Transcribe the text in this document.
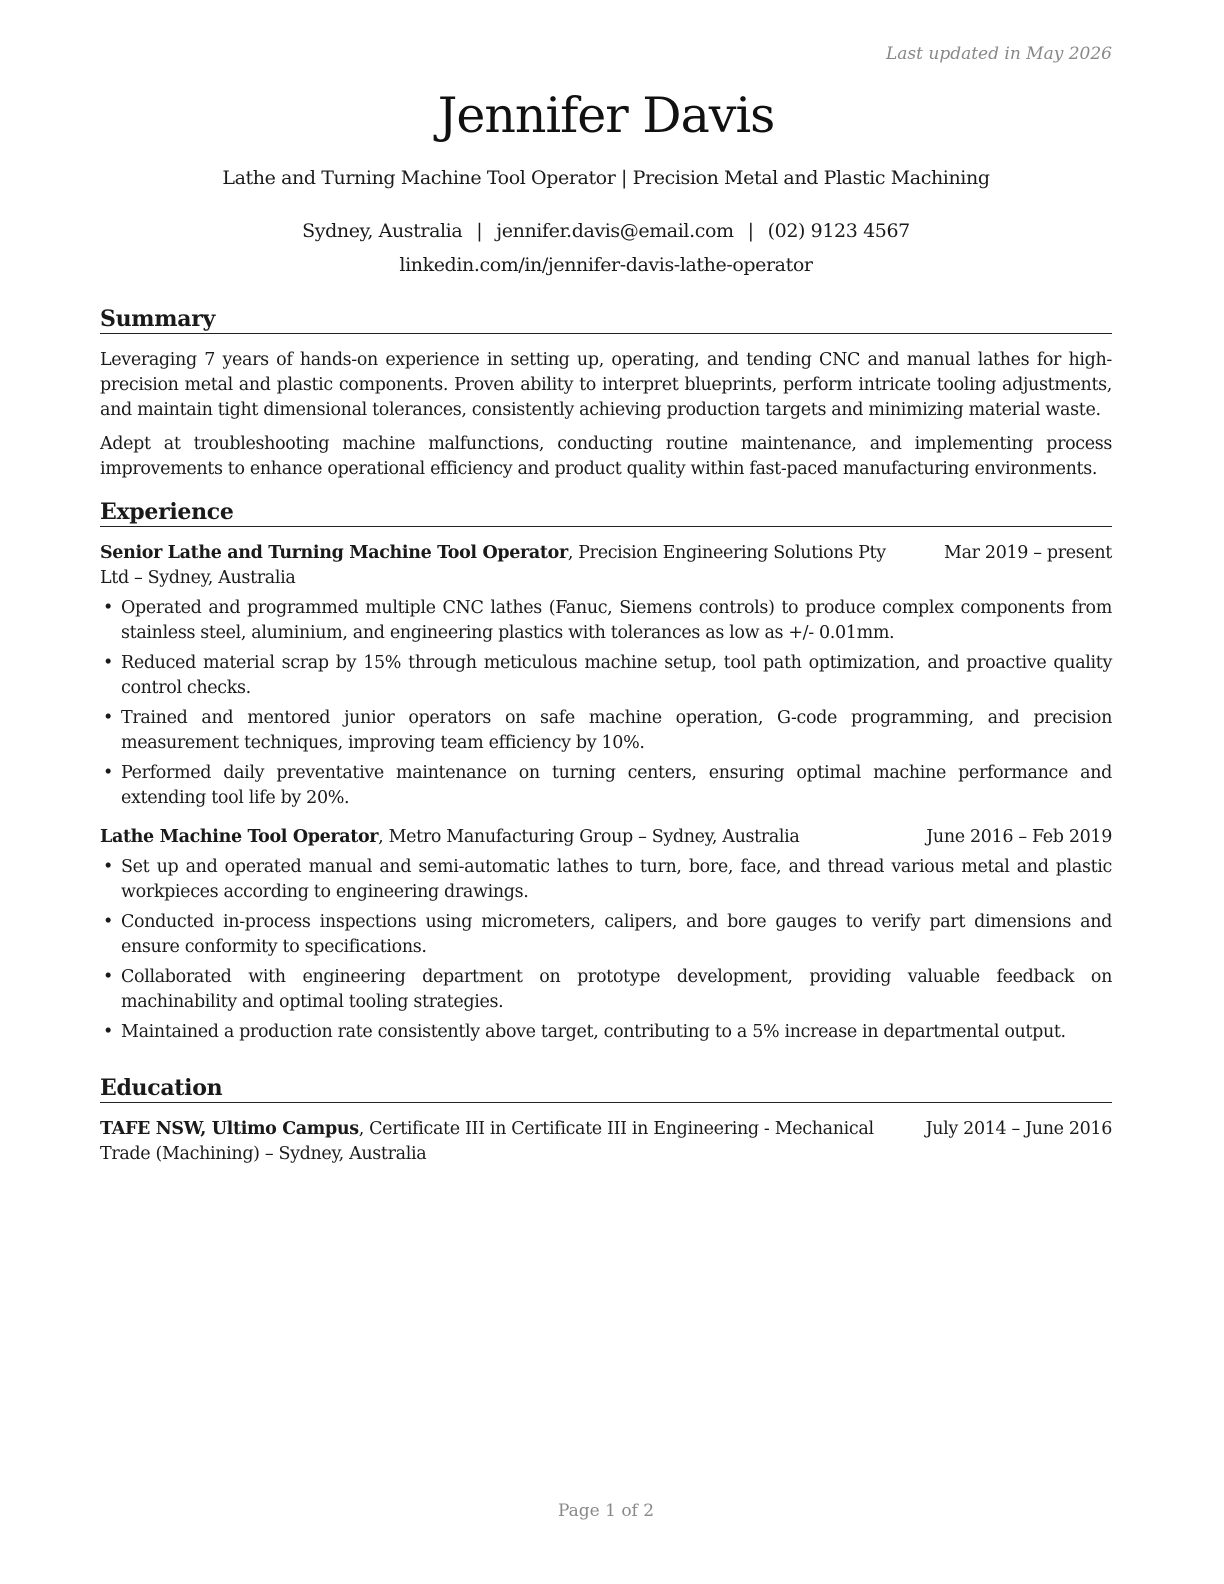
Last updated in May 2026
Jennifer Davis
Lathe and Turning Machine Tool Operator | Precision Metal and Plastic Machining
Sydney, Australia | jennifer.davis@email.com | (02) 9123 4567
linkedin.com/in/jennifer-davis-lathe-operator
Summary

Leveraging 7 years of hands-on experience in setting up, operating, and tending CNC and manual lathes for high-precision metal and plastic components. Proven ability to interpret blueprints, perform intricate tooling adjustments, and maintain tight dimensional tolerances, consistently achieving production targets and minimizing material waste.

Adept at troubleshooting machine malfunctions, conducting routine maintenance, and implementing process improvements to enhance operational efficiency and product quality within fast-paced manufacturing environments.

Experience
Senior Lathe and Turning Machine Tool Operator, Precision Engineering Solutions Pty Ltd – Sydney, Australia
Mar 2019 – present
• Operated and programmed multiple CNC lathes (Fanuc, Siemens controls) to produce complex components from stainless steel, aluminium, and engineering plastics with tolerances as low as +/- 0.01mm.
• Reduced material scrap by 15% through meticulous machine setup, tool path optimization, and proactive quality control checks.
• Trained and mentored junior operators on safe machine operation, G-code programming, and precision measurement techniques, improving team efficiency by 10%.
• Performed daily preventative maintenance on turning centers, ensuring optimal machine performance and extending tool life by 20%.
Lathe Machine Tool Operator, Metro Manufacturing Group – Sydney, Australia	June 2016 – Feb 2019
• Set up and operated manual and semi-automatic lathes to turn, bore, face, and thread various metal and plastic workpieces according to engineering drawings.
• Conducted in-process inspections using micrometers, calipers, and bore gauges to verify part dimensions and ensure conformity to specifications.
• Collaborated with engineering department on prototype development, providing valuable feedback on machinability and optimal tooling strategies.
• Maintained a production rate consistently above target, contributing to a 5% increase in departmental output.
Education
TAFE NSW, Ultimo Campus, Certificate III in Certificate III in Engineering - Mechanical Trade (Machining) – Sydney, Australia
July 2014 – June 2016
Page 1 of 2
